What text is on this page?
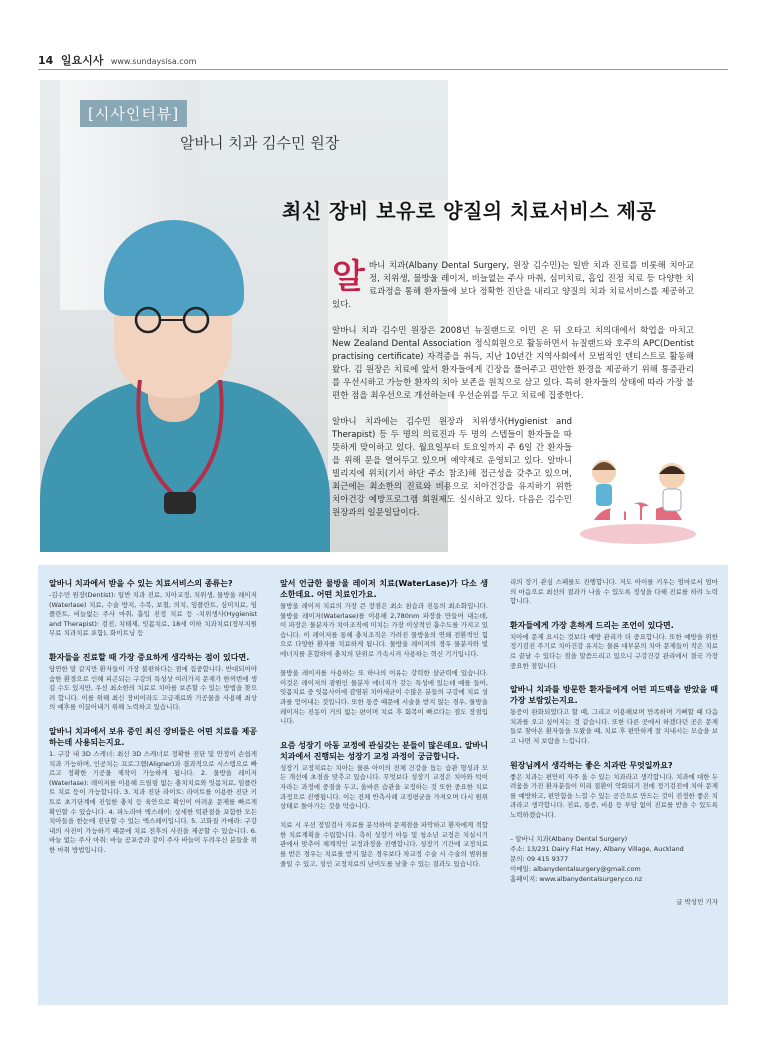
14 일요시사 www.sundaysisa.com
[시사인터뷰]
알바니 치과 김수민 원장
최신 장비 보유로 양질의 치료서비스 제공

알 바니 치과(Albany Dental Surgery, 원장 김수민)는 일반 치과 진료를 비롯해 치아교정, 치위생, 물방울 레이저, 비늘없는 주사 마취, 심미치료, 흡입 진정 치료 등 다양한 치료과정을 통해 환자들에 보다 정확한 진단을 내리고 양질의 치과 치료서비스를 제공하고 있다.

알바니 치과 김수민 원장은 2008년 뉴질랜드로 이민 온 뒤 오타고 치의대에서 학업을 마치고 New Zealand Dental Association 정식회원으로 활동하면서 뉴질랜드와 호주의 APC(Dentist practising certificate) 자격증을 취득, 지난 10년간 지역사회에서 모범적인 덴티스트로 활동해 왔다. 김 원장은 치료에 앞서 환자들에게 긴장을 풀어주고 편안한 환경을 제공하기 위해 통증관리를 우선시하고 가능한 환자의 치아 보존을 원칙으로 삼고 있다. 특히 환자들의 상태에 따라 가장 불편한 점을 최우선으로 개선하는데 우선순위를 두고 치료에 집중한다.

알바니 치과에는 김수민 원장과 치위생사(Hygienist and Therapist) 등 두 명의 의료진과 두 명의 스텝들이 환자들을 따뜻하게 맞이하고 있다. 월요일부터 토요일까지 주 6일 간 환자들을 위해 문을 열어두고 있으며 예약제로 운영되고 있다. 알바니 빌리지에 위치(기서 하단 주소 참조)해 접근성을 갖추고 있으며, 최근에는 최소한의 진료와 비용으로 치아건강을 유지하기 위한 치아건강 예방프로그램 회원제도 실시하고 있다. 다음은 김수민 원장과의 일문일답이다.

알바니 치과에서 받을 수 있는 치료서비스의 종류는?
-김수민 원장(Dentist): 일반 치과 진료, 치아교정, 치위생, 물방울 레이저(Waterlase) 치료, 수술 방지, 수복, 보철, 의치, 임플란트, 심미치료, 임플란트, 비늘없는 주사 마취, 흡입 진정 치료 등 -치위생사(Hygienist and Therapist): 검진, 치태제, 잇몸치료, 18세 이하 치과치료(정부지원 무료 치과치료 포함), 화이트닝 등
환자들을 진료할 때 가장 중요하게 생각하는 점이 있다면.
담연한 말 같지만 환자들이 가장 불편하다는 점에 집중합니다. 반대되어야 숨한 환경으로 인해 피곤되는 구강의 특성상 여러가지 문제가 한꺼번에 생길 수도 있지만, 우선 최소한의 치료로 치아를 보존할 수 있는 방법을 찾으려 합니다. 이를 위해 최신 장비이라도 고급재료와 기공물을 사용해 최상의 예후를 이끌어내기 위해 노력하고 있습니다.
알바니 치과에서 보유 중인 최신 장비들은 어떤 치료를 제공하는데 사용되는지요.
1. 구강 내 3D 스캐너: 최신 3D 스캐너로 정확한 진단 및 안정이 손쉽게 치과 가능하며, 인공치는 프로그램(Aligner)과 결과적으로 시스템으로 빠르고 정확한 기공물 제작이 가능하게 됩니다. 2. 물방울 레이저(Waterlase): 레이저를 이용해 드릴링 없는 충치치료와 잇몸치료, 임플란트 치료 등이 가능합니다. 3. 치과 진단 라이트: 라이트를 이용한 진단 키트로 초기단계에 진입한 충치 등 육안으로 확인이 어려운 문제를 빠르게 확인할 수 있습니다. 4. 파노라마 엑스레이: 상세한 턱관절을 포함한 모든 치아들을 한눈에 진단할 수 있는 엑스레이입니다. 5. 고화질 카메라: 구강 내의 사진이 가능하기 때문에 치료 전후의 사진을 제공할 수 있습니다. 6. 바늘 없는 주사 마취: 바늘 공포증과 같이 주사 바늘이 두려우신 분들을 위한 마취 방법입니다.
앞서 언급한 물방울 레이저 치료(WaterLase)가 다소 생소한데요. 어떤 치료인가요.
물방울 레이저 치료의 가장 큰 장점은 최소 침습과 진동의 최소화입니다. 물방울 레이저(Waterlase)를 이용해 2,780nm 파장을 만들어 내는데, 이 파장은 물분자가 치아조직에 미치는 가장 이상적인 흡수도를 가지고 있습니다. 이 레이저를 통해 충치조직은 가려진 물방울의 연쇄 전환적인 힘으로 다양한 환자를 치료하게 됩니다. 물방울 레이저의 경우 물분자와 빛에너지를 혼합하여 충치의 단위로 가속시켜 사용하는 혁신 기기입니다.

물방울 레이저를 사용하는 또 하나의 이유는 강력한 살균력에 있습니다. 이것은 레이저의 광원인 물분자 에너지가 갖는 특성에 있는데 예를 들어, 잇몸치료 중 잇몸사이에 감염된 치아세균이 수많은 분들의 구강에 치료 성과를 얻어내는 것입니다. 또한 통증 때문에 시술을 받지 않는 경우, 물방울 레이저는 진동이 거의 없는 편이며 치료 후 회복이 빠르다는 점도 장점입니다.
요즘 성장기 아동 교정에 관심갖는 분들이 많은데요. 알바니 치과에서 진행되는 성장기 교정 과정이 궁금합니다.
성장기 교정치료는 치아는 물론 아이의 전체 건강을 돕는 습관 형성과 모든 개선에 초점을 맞추고 있습니다. 무엇보다 성장기 교정은 치아와 턱이 자라는 과정에 중점을 두고, 올바른 습관을 교정하는 것 또한 중요한 치료과정으로 진행됩니다. 이는 전체 반측사례 교정평균을 가져오며 다시 원위 상태로 돌아가는 것을 막습니다.

치료 시 우선 정밀검사 자료를 분석하여 문제점을 파악하고 환자에게 적합한 치료계획을 수립합니다. 측히 성장기 아동 및 청소년 교정은 치실시기관에서 맞추어 체계적인 교정과정을 진행합니다. 성장기 기간에 교정치료를 받은 경우는 치료를 받지 않은 경우보다 차교정 수술 시 수술의 범위를 줄일 수 있고, 성인 교정치료의 난이도를 낮출 수 있는 결과도 있습니다.
리의 장기 관심 스페를도 진행합니다. 저도 아이를 키우는 엄마로서 엄마의 마음으로 최선의 결과가 나올 수 있도록 정성을 다해 진료를 하려 노력합니다.
환자들에게 가장 흔하게 드리는 조언이 있다면.
치아에 문제 요시는 것보다 예방 관리가 더 중요합니다. 또한 예방을 위한 정기검진 주기로 치아건강 유지는 물론 대부분의 치아 문제들이 작은 치료로 끝날 수 있다는 점을 말씀드리고 있으니 구강건강 관리에서 결국 가장 중요한 점입니다.
알바니 치과를 방문한 환자들에게 어떤 피드백을 받았을 때 가장 보람있는지요.
통증이 완화되었다고 할 때, 그리고 이용해보며 만족하며 기뻐할 때 다음 치과를 오고 싶어지는 것 같습니다. 또한 다른 곳에서 하겠다던 곳은 문제들로 찾아온 환자들을 도왔을 때, 치료 후 편안하게 잘 지내시는 모습을 보고 나면 저 보람을 느낍니다.
원장님께서 생각하는 좋은 치과란 무엇일까요?
좋은 치과는 편안히 자주 올 수 있는 치과라고 생각합니다. 치과에 대한 두려움을 가진 환자분들이 미리 질환이 악화되기 전에 정기검진에 치아 문제를 예방하고, 편안함을 느낄 수 있는 공간으로 만드는 것이 진정한 좋은 치과라고 생각합니다. 진료, 통증, 비용 등 부담 없이 진료를 받을 수 있도록 노력하겠습니다.
– 알바니 치과(Albany Dental Surgery)
주소: 13/231 Dairy Flat Hwy, Albany Village, Auckland
문의: 09 415 9377
이메일: albanydentalsurgery@gmail.com
홈페이지: www.albanydentalsurgery.co.nz
글 박성민 기자
